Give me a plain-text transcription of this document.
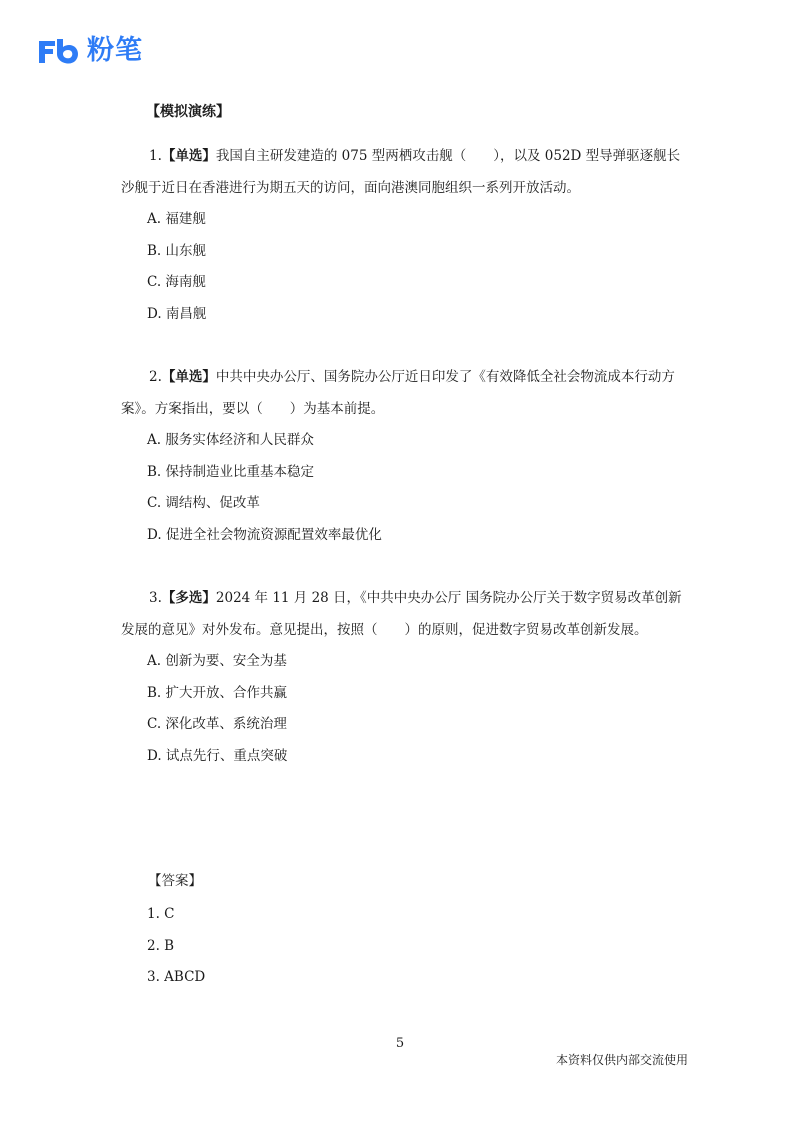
粉笔
【模拟演练】

1.【单选】我国自主研发建造的 075 型两栖攻击舰（　　），以及 052D 型导弹驱逐舰长沙舰于近日在香港进行为期五天的访问，面向港澳同胞组织一系列开放活动。

A. 福建舰

B. 山东舰

C. 海南舰

D. 南昌舰

2.【单选】中共中央办公厅、国务院办公厅近日印发了《有效降低全社会物流成本行动方案》。方案指出，要以（　　）为基本前提。

A. 服务实体经济和人民群众

B. 保持制造业比重基本稳定

C. 调结构、促改革

D. 促进全社会物流资源配置效率最优化

3.【多选】2024 年 11 月 28 日，《中共中央办公厅 国务院办公厅关于数字贸易改革创新发展的意见》对外发布。意见提出，按照（　　）的原则，促进数字贸易改革创新发展。

A. 创新为要、安全为基

B. 扩大开放、合作共赢

C. 深化改革、系统治理

D. 试点先行、重点突破

【答案】
1. C
2. B
3. ABCD
5
本资料仅供内部交流使用
